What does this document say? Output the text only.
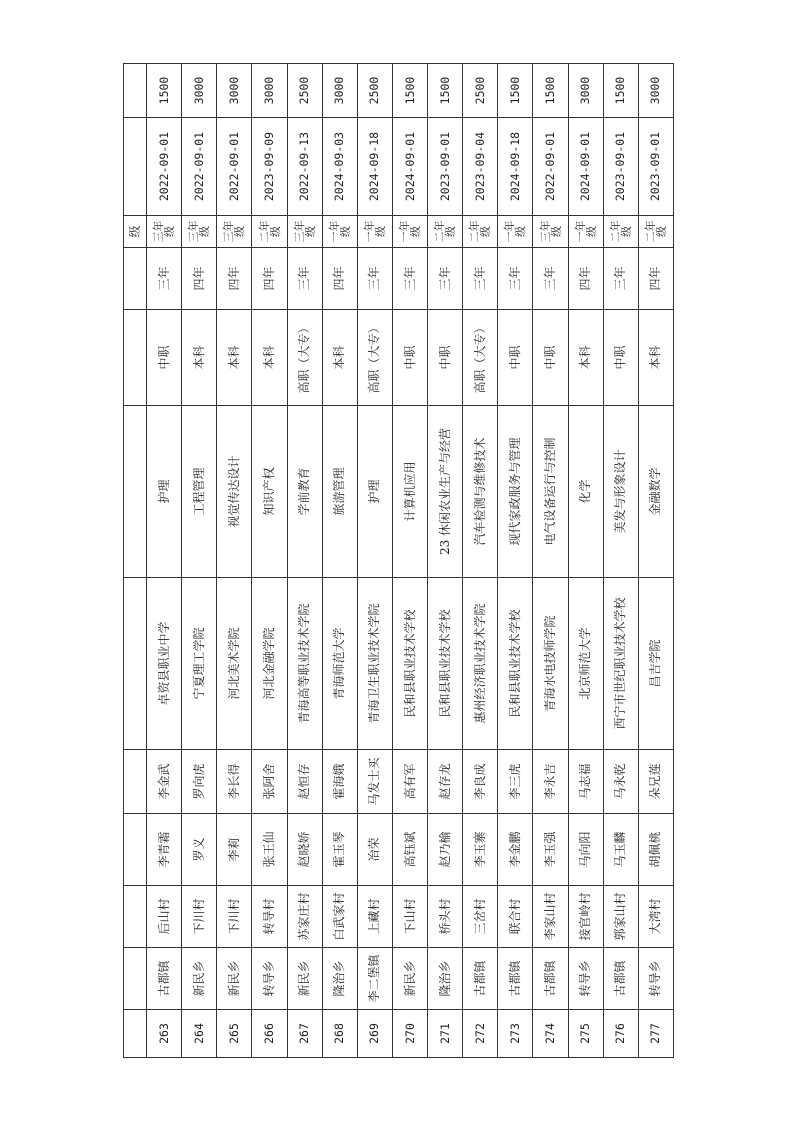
									级		
263	古都镇	后山村	李青霜	李金武	卓资县职业中学	护理	中职	三年	三年级	2022-09-01	1500
264	新民乡	下川村	罗义	罗向虎	宁夏理工学院	工程管理	本科	四年	三年级	2022-09-01	3000
265	新民乡	下川村	李莉	李长得	河北美术学院	视觉传达设计	本科	四年	三年级	2022-09-01	3000
266	转导乡	转导村	张王仙	张阿舍	河北金融学院	知识产权	本科	四年	二年级	2023-09-09	3000
267	新民乡	苏家庄村	赵晓娇	赵恒存	青海高等职业技术学院	学前教育	高职（大专）	三年	三年级	2022-09-13	2500
268	隆治乡	白武家村	霍玉琴	霍海娥	青海师范大学	旅游管理	本科	四年	一年级	2024-09-03	3000
269	李二堡镇	上藏村	冶荣	马发士买	青海卫生职业技术学院	护理	高职（大专）	三年	一年级	2024-09-18	2500
270	新民乡	下山村	高钰斌	高有军	民和县职业技术学校	计算机应用	中职	三年	一年级	2024-09-01	1500
271	隆治乡	桥头村	赵乃榆	赵存龙	民和县职业技术学校	23 休闲农业生产与经营	中职	三年	二年级	2023-09-01	1500
272	古都镇	三岔村	李玉寨	李良成	惠州经济职业技术学院	汽车检测与维修技术	高职（大专）	三年	二年级	2023-09-04	2500
273	古都镇	联合村	李金鹏	李三虎	民和县职业技术学校	现代家政服务与管理	中职	三年	一年级	2024-09-18	1500
274	古都镇	李家山村	李玉强	李永吉	青海水电技师学院	电气设备运行与控制	中职	三年	三年级	2022-09-01	1500
275	转导乡	接官岭村	马向阳	马志福	北京师范大学	化学	本科	四年	一年级	2024-09-01	3000
276	古都镇	郭家山村	马玉麟	马永乾	西宁市世纪职业技术学校	美发与形象设计	中职	三年	二年级	2023-09-01	1500
277	转导乡	大湾村	胡佩桃	朵兄莲	昌吉学院	金融数学	本科	四年	二年级	2023-09-01	3000
